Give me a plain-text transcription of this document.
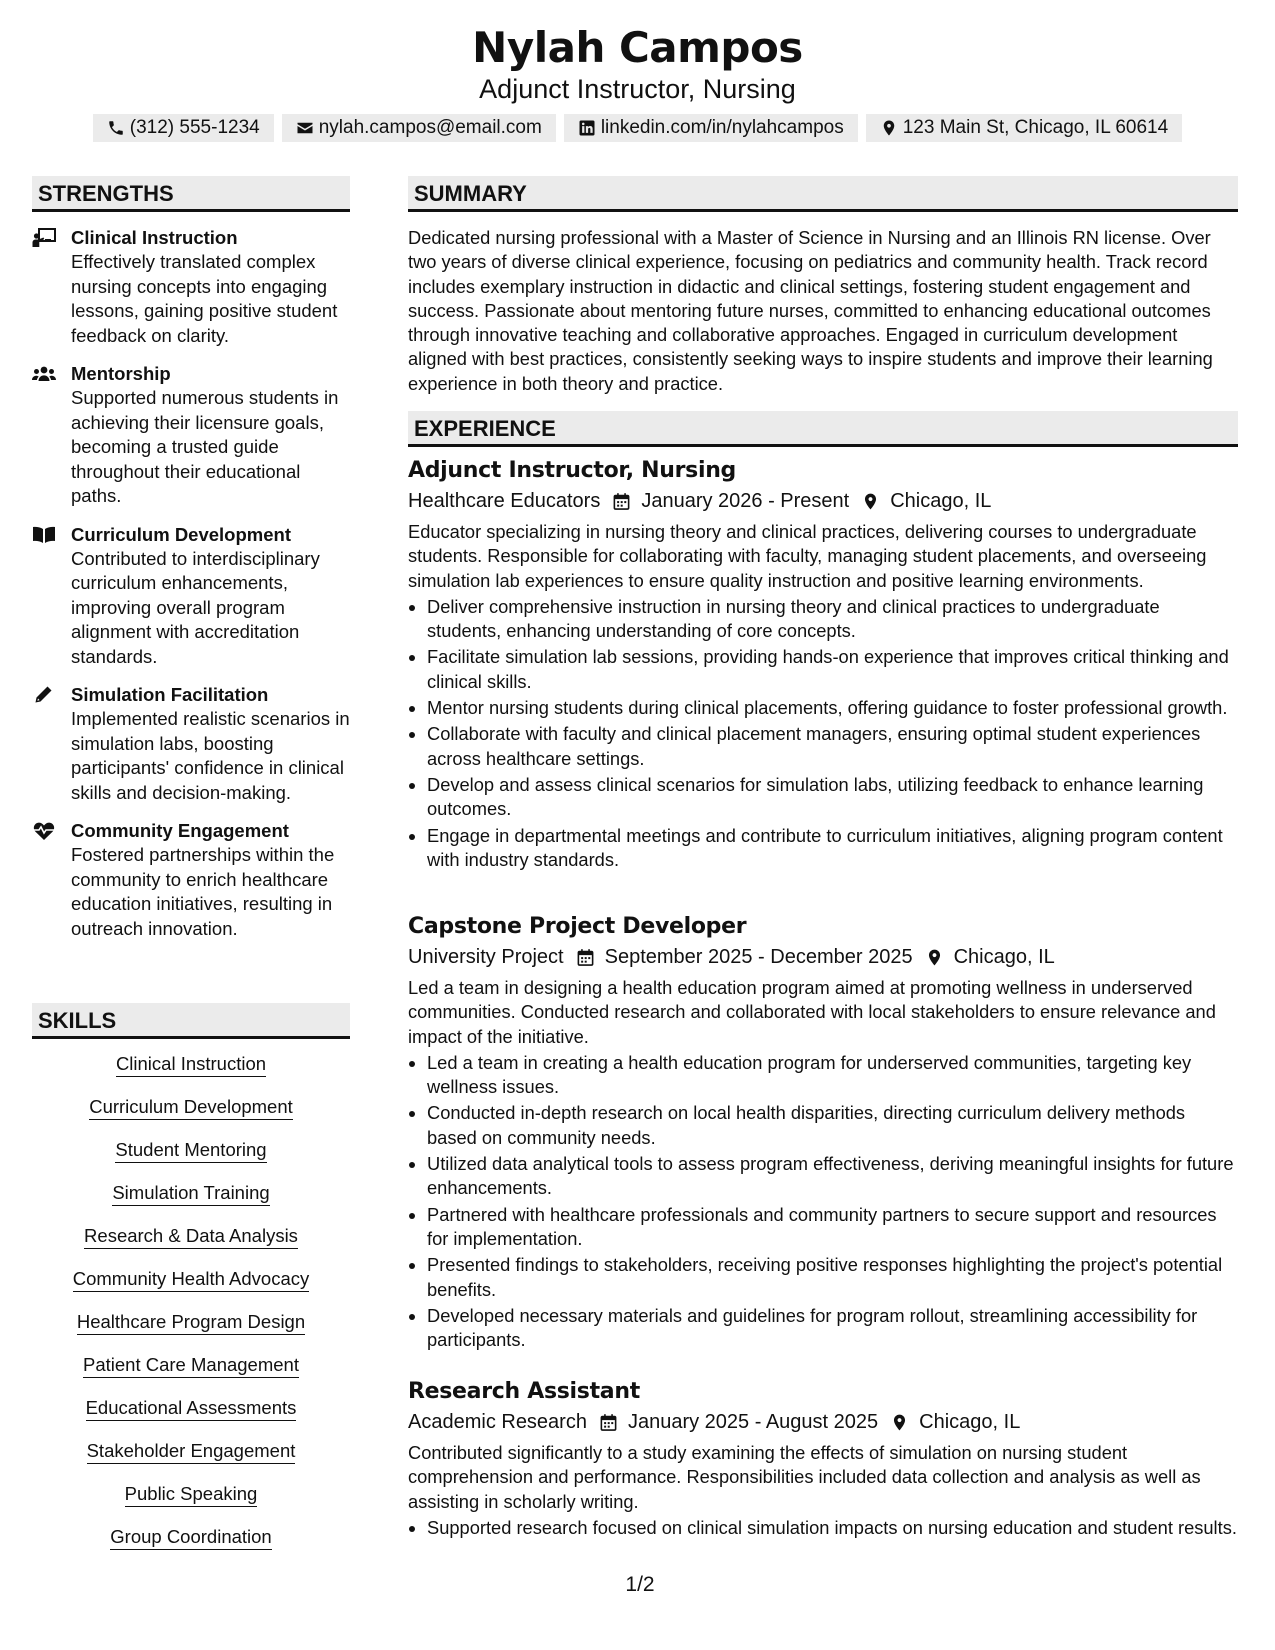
Nylah Campos
Adjunct Instructor, Nursing
(312) 555-1234	nylah.campos@email.com	linkedin.com/in/nylahcampos	123 Main St, Chicago, IL 60614
STRENGTHS
Clinical Instruction
Effectively translated complex nursing concepts into engaging lessons, gaining positive student feedback on clarity.
Mentorship
Supported numerous students in achieving their licensure goals, becoming a trusted guide throughout their educational paths.
Curriculum Development
Contributed to interdisciplinary curriculum enhancements, improving overall program alignment with accreditation standards.
Simulation Facilitation
Implemented realistic scenarios in simulation labs, boosting participants' confidence in clinical skills and decision-making.
Community Engagement
Fostered partnerships within the community to enrich healthcare education initiatives, resulting in outreach innovation.
SKILLS
Clinical Instruction
Curriculum Development
Student Mentoring
Simulation Training
Research & Data Analysis
Community Health Advocacy
Healthcare Program Design
Patient Care Management
Educational Assessments
Stakeholder Engagement
Public Speaking
Group Coordination
SUMMARY

Dedicated nursing professional with a Master of Science in Nursing and an Illinois RN license. Over two years of diverse clinical experience, focusing on pediatrics and community health. Track record includes exemplary instruction in didactic and clinical settings, fostering student engagement and success. Passionate about mentoring future nurses, committed to enhancing educational outcomes through innovative teaching and collaborative approaches. Engaged in curriculum development aligned with best practices, consistently seeking ways to inspire students and improve their learning experience in both theory and practice.

EXPERIENCE
Adjunct Instructor, Nursing
Healthcare Educators January 2026 - Present Chicago, IL

Educator specializing in nursing theory and clinical practices, delivering courses to undergraduate students. Responsible for collaborating with faculty, managing student placements, and overseeing simulation lab experiences to ensure quality instruction and positive learning environments.

• Deliver comprehensive instruction in nursing theory and clinical practices to undergraduate students, enhancing understanding of core concepts.
• Facilitate simulation lab sessions, providing hands-on experience that improves critical thinking and clinical skills.
• Mentor nursing students during clinical placements, offering guidance to foster professional growth.
• Collaborate with faculty and clinical placement managers, ensuring optimal student experiences across healthcare settings.
• Develop and assess clinical scenarios for simulation labs, utilizing feedback to enhance learning outcomes.
• Engage in departmental meetings and contribute to curriculum initiatives, aligning program content with industry standards.
Capstone Project Developer
University Project September 2025 - December 2025 Chicago, IL

Led a team in designing a health education program aimed at promoting wellness in underserved communities. Conducted research and collaborated with local stakeholders to ensure relevance and impact of the initiative.

• Led a team in creating a health education program for underserved communities, targeting key wellness issues.
• Conducted in-depth research on local health disparities, directing curriculum delivery methods based on community needs.
• Utilized data analytical tools to assess program effectiveness, deriving meaningful insights for future enhancements.
• Partnered with healthcare professionals and community partners to secure support and resources for implementation.
• Presented findings to stakeholders, receiving positive responses highlighting the project's potential benefits.
• Developed necessary materials and guidelines for program rollout, streamlining accessibility for participants.
Research Assistant
Academic Research January 2025 - August 2025 Chicago, IL

Contributed significantly to a study examining the effects of simulation on nursing student comprehension and performance. Responsibilities included data collection and analysis as well as assisting in scholarly writing.

• Supported research focused on clinical simulation impacts on nursing education and student results.
1/2
